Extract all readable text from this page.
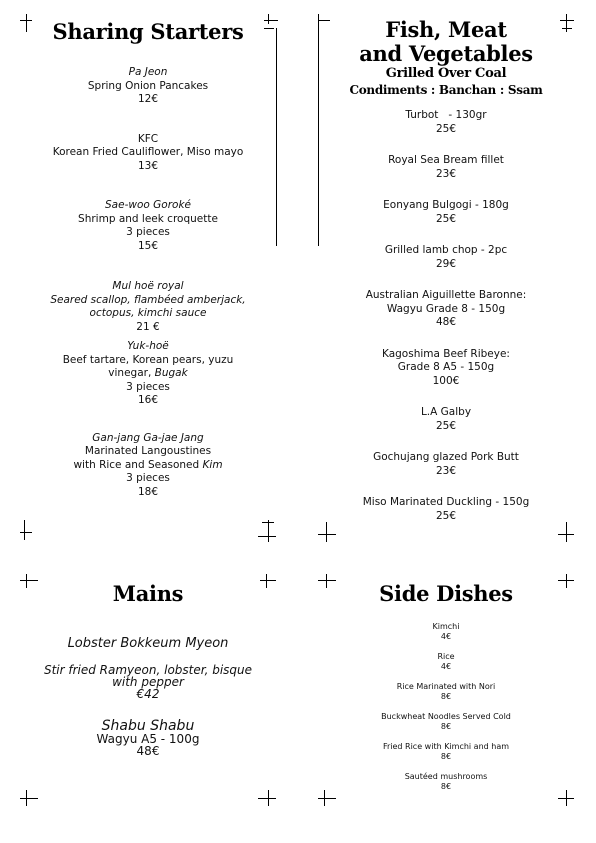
Sharing Starters
Pa Jeon
Spring Onion Pancakes
12€
KFC
Korean Fried Cauliflower, Miso mayo
13€
Sae-woo Goroké
Shrimp and leek croquette
3 pieces
15€
Mul hoë royal
Seared scallop, flambéed amberjack,
octopus, kimchi sauce
21 €
Yuk-hoë
Beef tartare, Korean pears, yuzu
vinegar, Bugak
3 pieces
16€
Gan-jang Ga-jae Jang
Marinated Langoustines
with Rice and Seasoned Kim
3 pieces
18€
Fish, Meat
and Vegetables
Grilled Over Coal
Condiments : Banchan : Ssam
Turbot   - 130gr
25€
Royal Sea Bream fillet
23€
Eonyang Bulgogi - 180g
25€
Grilled lamb chop - 2pc
29€
Australian Aiguillette Baronne:
Wagyu Grade 8 - 150g
48€
Kagoshima Beef Ribeye:
Grade 8 A5 - 150g
100€
L.A Galby
25€
Gochujang glazed Pork Butt
23€
Miso Marinated Duckling - 150g
25€
Mains
Lobster Bokkeum Myeon
Stir fried Ramyeon, lobster, bisque
with pepper
€42
Shabu Shabu
Wagyu A5 - 100g
48€
Side Dishes
Kimchi
4€
Rice
4€
Rice Marinated with Nori
8€
Buckwheat Noodles Served Cold
8€
Fried Rice with Kimchi and ham
8€
Sautéed mushrooms
8€
